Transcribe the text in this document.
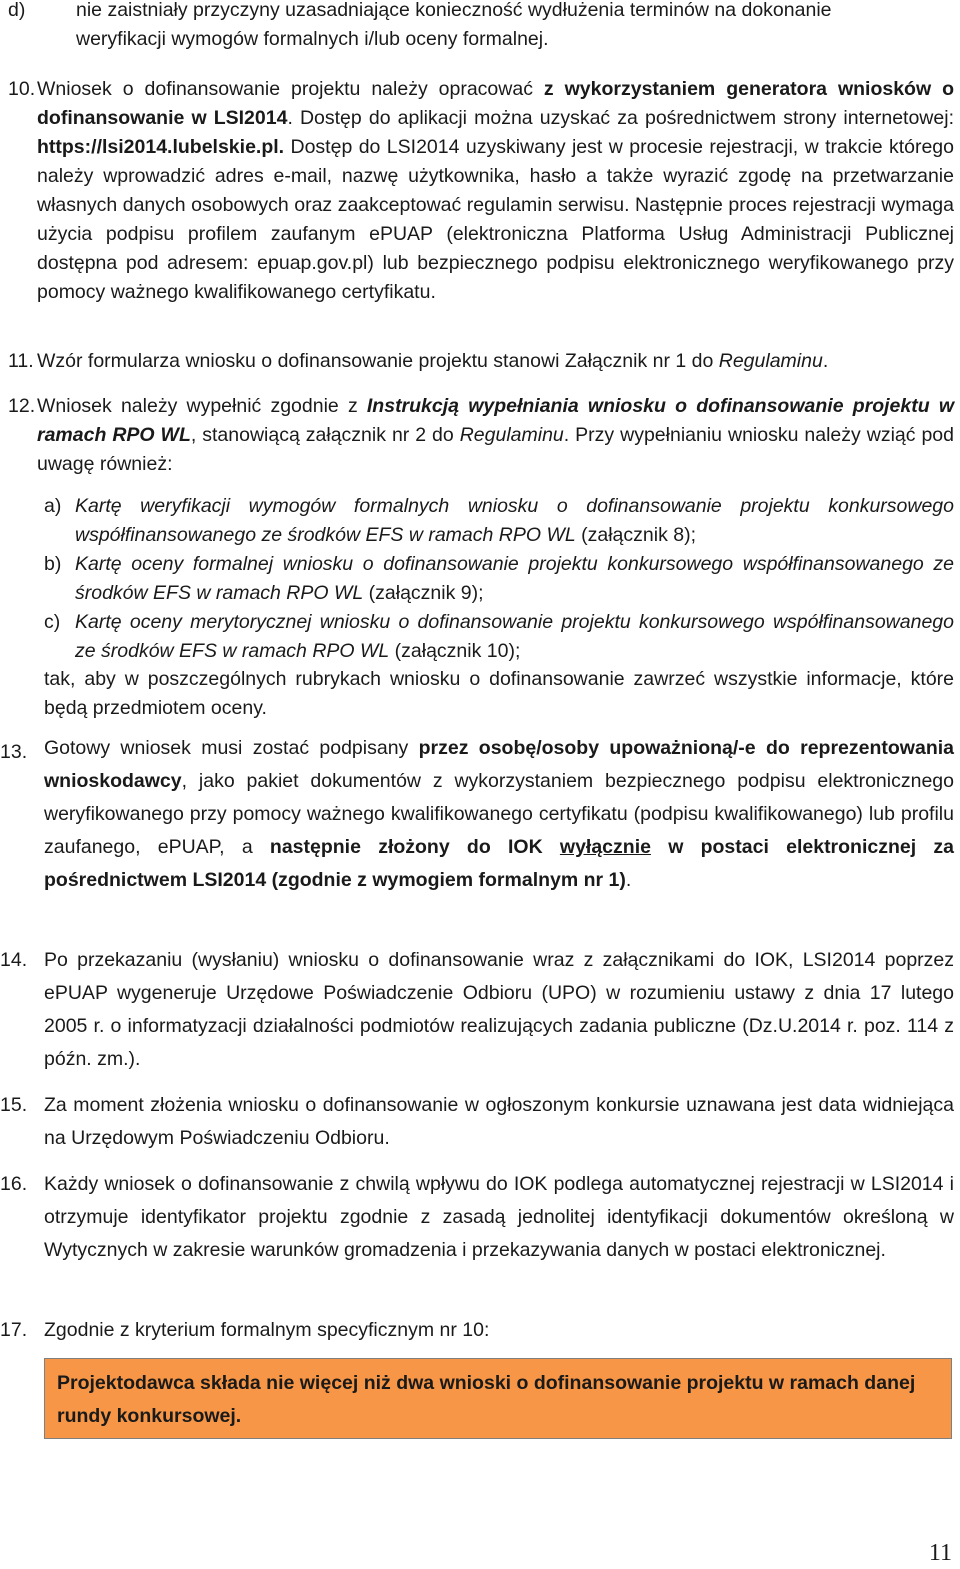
d)	nie zaistniały przyczyny uzasadniające konieczność wydłużenia terminów na dokonanie
weryfikacji wymogów formalnych i/lub oceny formalnej.
10. Wniosek o dofinansowanie projektu należy opracować z wykorzystaniem generatora wniosków o dofinansowanie w LSI2014. Dostęp do aplikacji można uzyskać za pośrednictwem strony internetowej: https://lsi2014.lubelskie.pl. Dostęp do LSI2014 uzyskiwany jest w procesie rejestracji, w trakcie którego należy wprowadzić adres e-mail, nazwę użytkownika, hasło a także wyrazić zgodę na przetwarzanie własnych danych osobowych oraz zaakceptować regulamin serwisu. Następnie proces rejestracji wymaga użycia podpisu profilem zaufanym ePUAP (elektroniczna Platforma Usług Administracji Publicznej dostępna pod adresem: epuap.gov.pl) lub bezpiecznego podpisu elektronicznego weryfikowanego przy pomocy ważnego kwalifikowanego certyfikatu.
11. Wzór formularza wniosku o dofinansowanie projektu stanowi Załącznik nr 1 do Regulaminu.
12. Wniosek należy wypełnić zgodnie z Instrukcją wypełniania wniosku o dofinansowanie projektu w ramach RPO WL, stanowiącą załącznik nr 2 do Regulaminu. Przy wypełnianiu wniosku należy wziąć pod uwagę również:
a) Kartę weryfikacji wymogów formalnych wniosku o dofinansowanie projektu konkursowego współfinansowanego ze środków EFS w ramach RPO WL (załącznik 8);
b) Kartę oceny formalnej wniosku o dofinansowanie projektu konkursowego współfinansowanego ze środków EFS w ramach RPO WL (załącznik 9);
c) Kartę oceny merytorycznej wniosku o dofinansowanie projektu konkursowego współfinansowanego ze środków EFS w ramach RPO WL (załącznik 10);
tak, aby w poszczególnych rubrykach wniosku o dofinansowanie zawrzeć wszystkie informacje, które będą przedmiotem oceny.
13. Gotowy wniosek musi zostać podpisany przez osobę/osoby upoważnioną/-e do reprezentowania wnioskodawcy, jako pakiet dokumentów z wykorzystaniem bezpiecznego podpisu elektronicznego weryfikowanego przy pomocy ważnego kwalifikowanego certyfikatu (podpisu kwalifikowanego) lub profilu zaufanego, ePUAP, a następnie złożony do IOK wyłącznie w postaci elektronicznej za pośrednictwem LSI2014 (zgodnie z wymogiem formalnym nr 1).
14. Po przekazaniu (wysłaniu) wniosku o dofinansowanie wraz z załącznikami do IOK, LSI2014 poprzez ePUAP wygeneruje Urzędowe Poświadczenie Odbioru (UPO) w rozumieniu ustawy z dnia 17 lutego 2005 r. o informatyzacji działalności podmiotów realizujących zadania publiczne (Dz.U.2014 r. poz. 114 z późn. zm.).
15. Za moment złożenia wniosku o dofinansowanie w ogłoszonym konkursie uznawana jest data widniejąca na Urzędowym Poświadczeniu Odbioru.
16. Każdy wniosek o dofinansowanie z chwilą wpływu do IOK podlega automatycznej rejestracji w LSI2014 i otrzymuje identyfikator projektu zgodnie z zasadą jednolitej identyfikacji dokumentów określoną w Wytycznych w zakresie warunków gromadzenia i przekazywania danych w postaci elektronicznej.
17. Zgodnie z kryterium formalnym specyficznym nr 10:
Projektodawca składa nie więcej niż dwa wnioski o dofinansowanie projektu w ramach danej rundy konkursowej.
11
